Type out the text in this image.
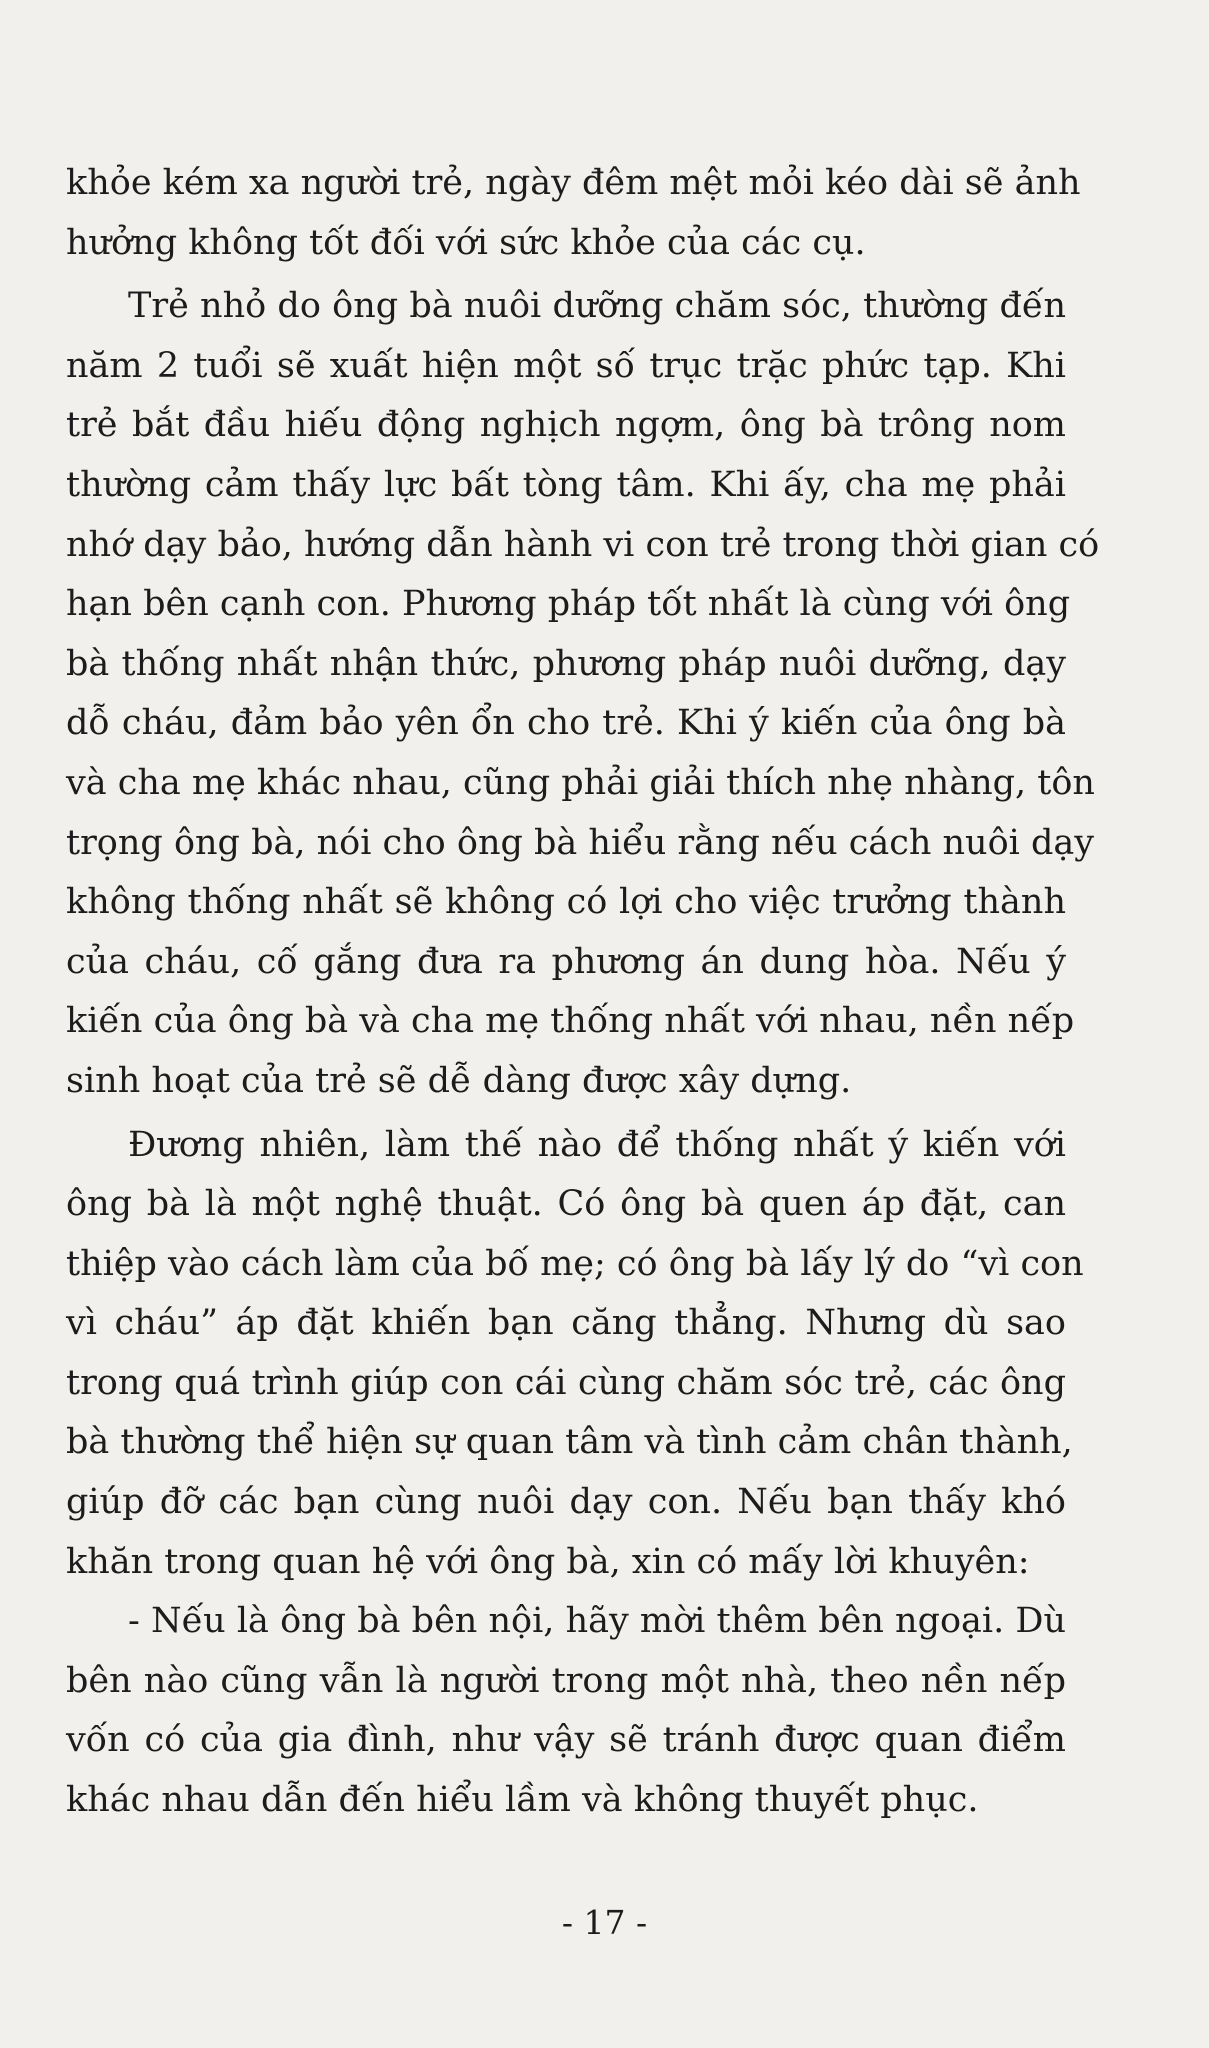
khỏe kém xa người trẻ, ngày đêm mệt mỏi kéo dài sẽ ảnh
hưởng không tốt đối với sức khỏe của các cụ.
Trẻ nhỏ do ông bà nuôi dưỡng chăm sóc, thường đến
năm 2 tuổi sẽ xuất hiện một số trục trặc phức tạp. Khi
trẻ bắt đầu hiếu động nghịch ngợm, ông bà trông nom
thường cảm thấy lực bất tòng tâm. Khi ấy, cha mẹ phải
nhớ dạy bảo, hướng dẫn hành vi con trẻ trong thời gian có
hạn bên cạnh con. Phương pháp tốt nhất là cùng với ông
bà thống nhất nhận thức, phương pháp nuôi dưỡng, dạy
dỗ cháu, đảm bảo yên ổn cho trẻ. Khi ý kiến của ông bà
và cha mẹ khác nhau, cũng phải giải thích nhẹ nhàng, tôn
trọng ông bà, nói cho ông bà hiểu rằng nếu cách nuôi dạy
không thống nhất sẽ không có lợi cho việc trưởng thành
của cháu, cố gắng đưa ra phương án dung hòa. Nếu ý
kiến của ông bà và cha mẹ thống nhất với nhau, nền nếp
sinh hoạt của trẻ sẽ dễ dàng được xây dựng.
Đương nhiên, làm thế nào để thống nhất ý kiến với
ông bà là một nghệ thuật. Có ông bà quen áp đặt, can
thiệp vào cách làm của bố mẹ; có ông bà lấy lý do “vì con
vì cháu” áp đặt khiến bạn căng thẳng. Nhưng dù sao
trong quá trình giúp con cái cùng chăm sóc trẻ, các ông
bà thường thể hiện sự quan tâm và tình cảm chân thành,
giúp đỡ các bạn cùng nuôi dạy con. Nếu bạn thấy khó
khăn trong quan hệ với ông bà, xin có mấy lời khuyên:
- Nếu là ông bà bên nội, hãy mời thêm bên ngoại. Dù
bên nào cũng vẫn là người trong một nhà, theo nền nếp
vốn có của gia đình, như vậy sẽ tránh được quan điểm
khác nhau dẫn đến hiểu lầm và không thuyết phục.
- 17 -
